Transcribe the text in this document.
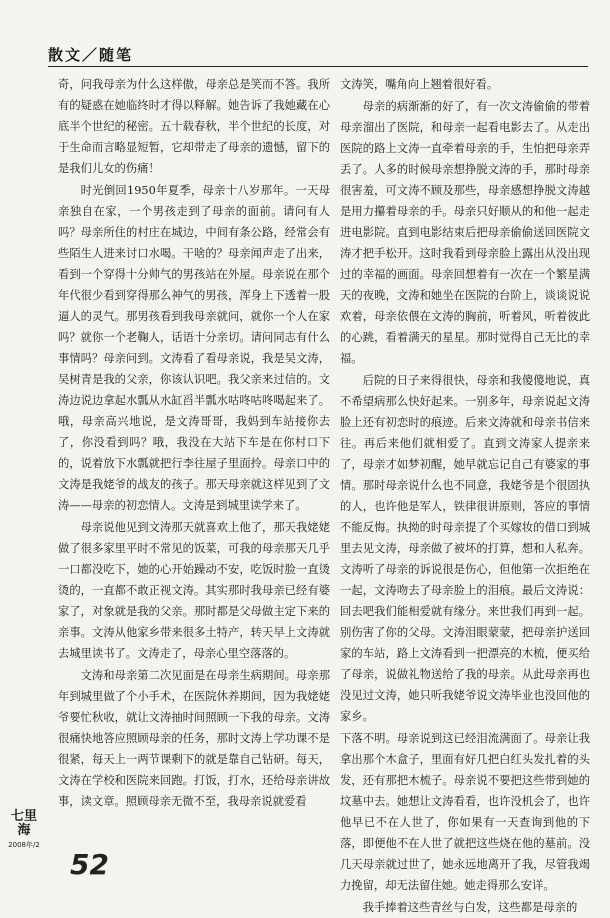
散文／随笔

奇，问我母亲为什么这样傲，母亲总是笑而不答。我所有的疑惑在她临终时才得以释解。她告诉了我她藏在心底半个世纪的秘密。五十载春秋，半个世纪的长度，对于生命而言略显短暂，它却带走了母亲的遗憾，留下的是我们儿女的伤痛！

时光倒回1950年夏季，母亲十八岁那年。一天母亲独自在家，一个男孩走到了母亲的面前。请问有人吗？母亲所住的村庄在城边，中间有条公路，经常会有些陌生人进来讨口水喝。干啥的？母亲闻声走了出来，看到一个穿得十分帅气的男孩站在外屋。母亲说在那个年代很少看到穿得那么神气的男孩，浑身上下透着一股逼人的灵气。那男孩看到我母亲就问，就你一个人在家吗？就你一个老鞠人，话语十分亲切。请问同志有什么事情吗？母亲问到。文涛看了看母亲说，我是吴文涛，吴树青是我的父亲，你该认识吧。我父亲来过信的。文涛边说边拿起水瓢从水缸舀半瓢水咕咚咕咚喝起来了。哦，母亲高兴地说，是文涛哥哥，我妈到车站接你去了，你没看到吗？哦，我没在大站下车是在你村口下的，说着放下水瓢就把行李往屋子里面拎。母亲口中的文涛是我姥爷的战友的孩子。那天母亲就这样见到了文涛——母亲的初恋情人。文涛是到城里读学来了。

母亲说他见到文涛那天就喜欢上他了，那天我姥姥做了很多家里平时不常见的饭菜，可我的母亲那天几乎一口都没吃下，她的心开始躁动不安，吃饭时脸一直烫烫的，一直都不敢正视文涛。其实那时我母亲已经有婆家了，对象就是我的父亲。那时都是父母做主定下来的亲事。文涛从他家乡带来很多土特产，转天早上文涛就去城里读书了。文涛走了，母亲心里空落落的。

文涛和母亲第二次见面是在母亲生病期间。母亲那年到城里做了个小手术，在医院休养期间，因为我姥姥爷要忙秋收，就让文涛抽时间照顾一下我的母亲。文涛很痛快地答应照顾母亲的任务，那时文涛上学功课不是很紧，每天上一两节课剩下的就是靠自己钻研。每天，文涛在学校和医院来回跑。打饭，打水，还给母亲讲故事，读文章。照顾母亲无微不至，我母亲说就爱看

文涛笑，嘴角向上翘着很好看。

母亲的病渐渐的好了，有一次文涛偷偷的带着母亲溜出了医院，和母亲一起看电影去了。从走出医院的路上文涛一直牵着母亲的手，生怕把母亲弄丢了。人多的时候母亲想挣脱文涛的手，那时母亲很害羞，可文涛不顾及那些，母亲感想挣脱文涛越是用力攥着母亲的手。母亲只好顺从的和他一起走进电影院。直到电影结束后把母亲偷偷送回医院文涛才把手松开。这时我看到母亲脸上露出从没出现过的幸福的画面。母亲回想着有一次在一个繁星满天的夜晚，文涛和她坐在医院的台阶上，谈谈说说欢着，母亲依偎在文涛的胸前，听着风，听着彼此的心跳，看着满天的星星。那时觉得自己无比的幸福。

后院的日子来得很快，母亲和我傻傻地说，真不希望病那么快好起来。一别多年，母亲说起文涛脸上还有初恋时的痕迹。后来文涛就和母亲书信来往。再后来他们就相爱了。直到文涛家人提亲来了，母亲才如梦初醒，她早就忘记自己有婆家的事情。那时母亲说什么也不同意，我姥爷是个很固执的人，也许他是军人，铁律很讲原则，答应的事情不能反悔。执拗的时母亲提了个买嫁妆的借口到城里去见文涛，母亲做了被坏的打算，想和人私奔。文涛听了母亲的诉说很是伤心，但他第一次拒绝在一起，文涛吻去了母亲脸上的泪痕。最后文涛说：回去吧我们能相爱就有缘分。来世我们再到一起。别伤害了你的父母。文涛泪眼蒙蒙，把母亲护送回家的车站，路上文涛看到一把漂亮的木梳，便买给了母亲，说做礼物送给了我的母亲。从此母亲再也没见过文涛，她只听我姥爷说文涛毕业也没回他的家乡。

下落不明。母亲说到这已经泪流满面了。母亲让我拿出那个木盒子，里面有好几把白红头发扎着的头发，还有那把木梳子。母亲说不要把这些带到她的坟墓中去。她想让文涛看看，也许没机会了，也许他早已不在人世了，你如果有一天查询到他的下落，即便他不在人世了就把这些烧在他的墓前。没几天母亲就过世了，她永远地离开了我，尽管我竭力挽留，却无法留住她。她走得那么安详。

我手捧着这些青丝与白发，这些都是母亲的

七里海
2008年/2
52
